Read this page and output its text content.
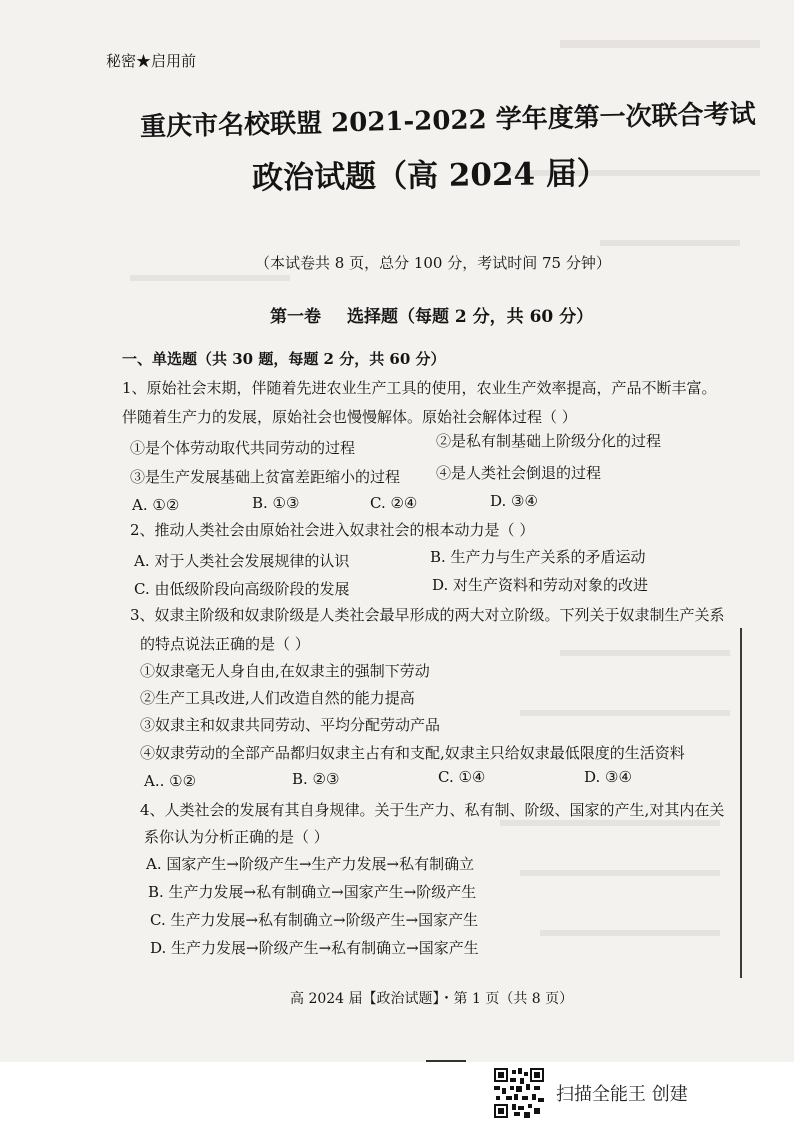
秘密★启用前
重庆市名校联盟 2021-2022 学年度第一次联合考试
政治试题（高 2024 届）
（本试卷共 8 页，总分 100 分，考试时间 75 分钟）
第一卷 选择题（每题 2 分，共 60 分）
一、单选题（共 30 题，每题 2 分，共 60 分）
1、原始社会末期，伴随着先进农业生产工具的使用，农业生产效率提高，产品不断丰富。
伴随着生产力的发展，原始社会也慢慢解体。原始社会解体过程（ ）
①是个体劳动取代共同劳动的过程	②是私有制基础上阶级分化的过程
③是生产发展基础上贫富差距缩小的过程 ④是人类社会倒退的过程
A. ①②	B. ①③	C. ②④	D. ③④
2、推动人类社会由原始社会进入奴隶社会的根本动力是（ ）
A. 对于人类社会发展规律的认识	B. 生产力与生产关系的矛盾运动
C. 由低级阶段向高级阶段的发展	D. 对生产资料和劳动对象的改进
3、奴隶主阶级和奴隶阶级是人类社会最早形成的两大对立阶级。下列关于奴隶制生产关系
的特点说法正确的是（ ）
①奴隶毫无人身自由,在奴隶主的强制下劳动
②生产工具改进,人们改造自然的能力提高
③奴隶主和奴隶共同劳动、平均分配劳动产品
④奴隶劳动的全部产品都归奴隶主占有和支配,奴隶主只给奴隶最低限度的生活资料
A.. ①②	B. ②③	C. ①④	D. ③④
4、人类社会的发展有其自身规律。关于生产力、私有制、阶级、国家的产生,对其内在关
系你认为分析正确的是（ ）
A. 国家产生→阶级产生→生产力发展→私有制确立
B. 生产力发展→私有制确立→国家产生→阶级产生
C. 生产力发展→私有制确立→阶级产生→国家产生
D. 生产力发展→阶级产生→私有制确立→国家产生
高 2024 届【政治试题】・第 1 页（共 8 页）
扫描全能王 创建
